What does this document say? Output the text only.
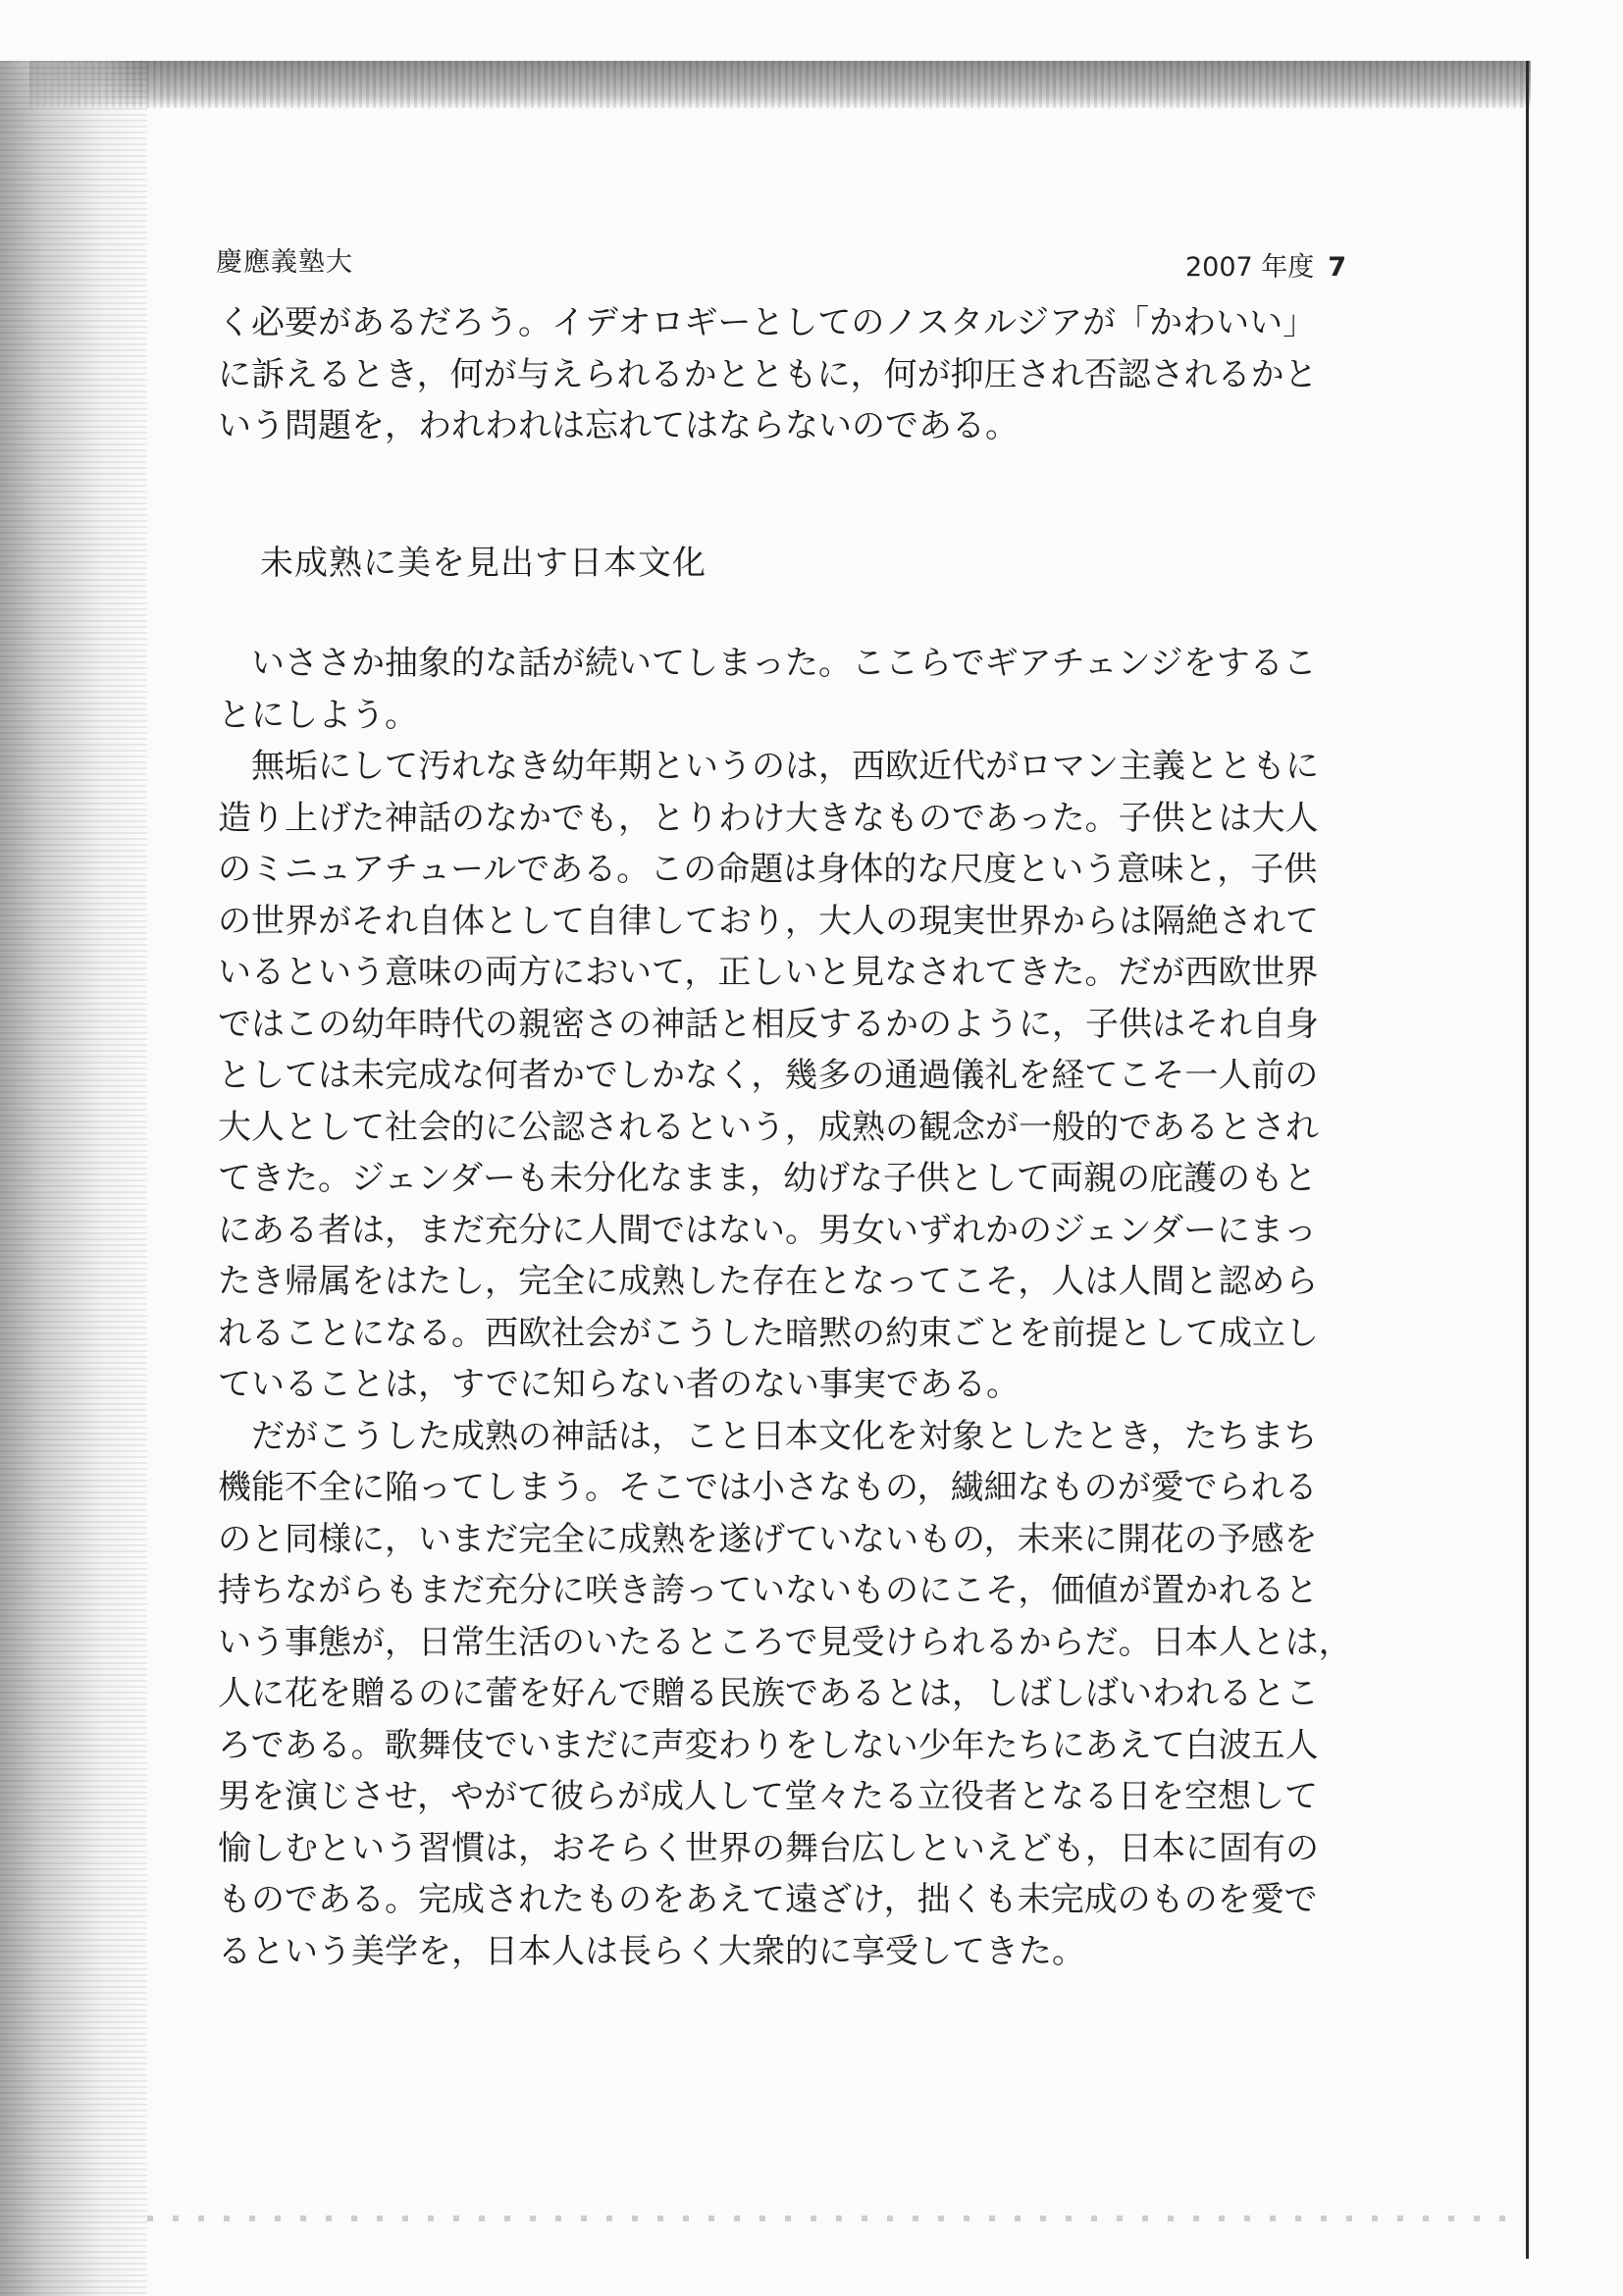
慶應義塾大	2007 年度 7

く必要があるだろう。イデオロギーとしてのノスタルジアが「かわいい」
に訴えるとき，何が与えられるかとともに，何が抑圧され否認されるかと
いう問題を，われわれは忘れてはならないのである。

未成熟に美を見出す日本文化

　いささか抽象的な話が続いてしまった。ここらでギアチェンジをするこ
とにしよう。
　無垢にして汚れなき幼年期というのは，西欧近代がロマン主義とともに
造り上げた神話のなかでも，とりわけ大きなものであった。子供とは大人
のミニュアチュールである。この命題は身体的な尺度という意味と，子供
の世界がそれ自体として自律しており，大人の現実世界からは隔絶されて
いるという意味の両方において，正しいと見なされてきた。だが西欧世界
ではこの幼年時代の親密さの神話と相反するかのように，子供はそれ自身
としては未完成な何者かでしかなく，幾多の通過儀礼を経てこそ一人前の
大人として社会的に公認されるという，成熟の観念が一般的であるとされ
てきた。ジェンダーも未分化なまま，幼げな子供として両親の庇護のもと
にある者は，まだ充分に人間ではない。男女いずれかのジェンダーにまっ
たき帰属をはたし，完全に成熟した存在となってこそ，人は人間と認めら
れることになる。西欧社会がこうした暗黙の約束ごとを前提として成立し
ていることは，すでに知らない者のない事実である。
　だがこうした成熟の神話は，こと日本文化を対象としたとき，たちまち
機能不全に陥ってしまう。そこでは小さなもの，繊細なものが愛でられる
のと同様に，いまだ完全に成熟を遂げていないもの，未来に開花の予感を
持ちながらもまだ充分に咲き誇っていないものにこそ，価値が置かれると
いう事態が，日常生活のいたるところで見受けられるからだ。日本人とは，
人に花を贈るのに蕾を好んで贈る民族であるとは，しばしばいわれるとこ
ろである。歌舞伎でいまだに声変わりをしない少年たちにあえて白波五人
男を演じさせ，やがて彼らが成人して堂々たる立役者となる日を空想して
愉しむという習慣は，おそらく世界の舞台広しといえども，日本に固有の
ものである。完成されたものをあえて遠ざけ，拙くも未完成のものを愛で
るという美学を，日本人は長らく大衆的に享受してきた。
